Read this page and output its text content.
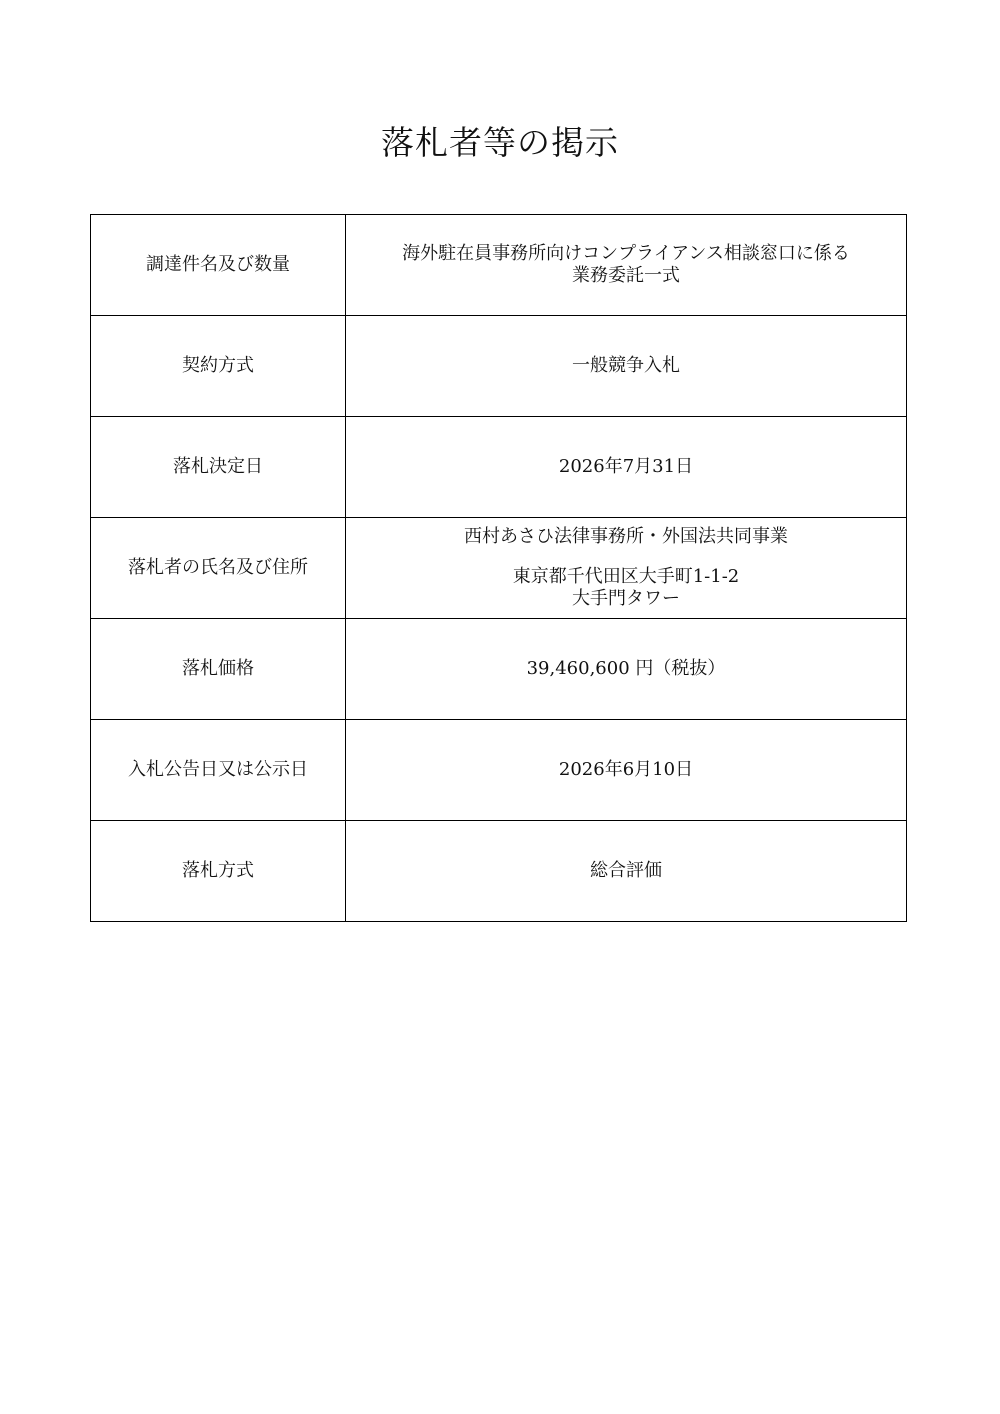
落札者等の掲示
調達件名及び数量	海外駐在員事務所向けコンプライアンス相談窓口に係る
業務委託一式

契約方式	一般競争入札

落札決定日	2026年7月31日

落札者の氏名及び住所	西村あさひ法律事務所・外国法共同事業
東京都千代田区大手町1-1-2
大手門タワー

落札価格	39,460,600 円（税抜）

入札公告日又は公示日	2026年6月10日

落札方式	総合評価
